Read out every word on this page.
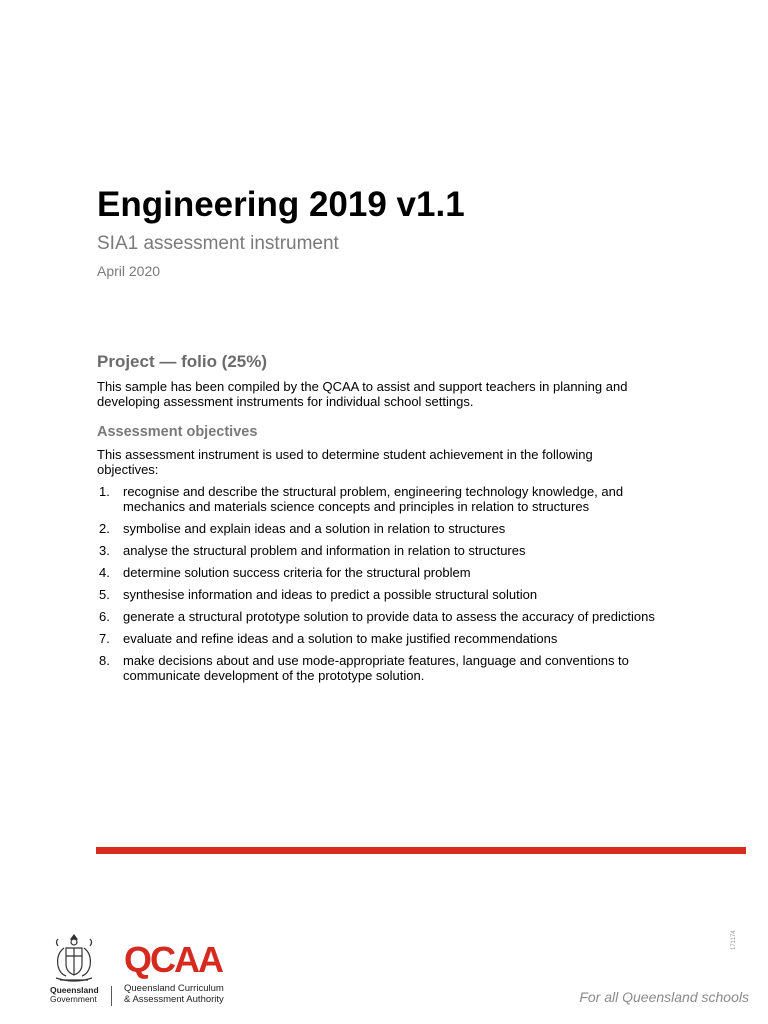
Engineering 2019 v1.1
SIA1 assessment instrument
April 2020
Project — folio (25%)
This sample has been compiled by the QCAA to assist and support teachers in planning and developing assessment instruments for individual school settings.
Assessment objectives
This assessment instrument is used to determine student achievement in the following objectives:
1. recognise and describe the structural problem, engineering technology knowledge, and mechanics and materials science concepts and principles in relation to structures
2. symbolise and explain ideas and a solution in relation to structures
3. analyse the structural problem and information in relation to structures
4. determine solution success criteria for the structural problem
5. synthesise information and ideas to predict a possible structural solution
6. generate a structural prototype solution to provide data to assess the accuracy of predictions
7. evaluate and refine ideas and a solution to make justified recommendations
8. make decisions about and use mode-appropriate features, language and conventions to communicate development of the prototype solution.
171174
Queensland
Government
QCAA
Queensland Curriculum
& Assessment Authority	For all Queensland schools
